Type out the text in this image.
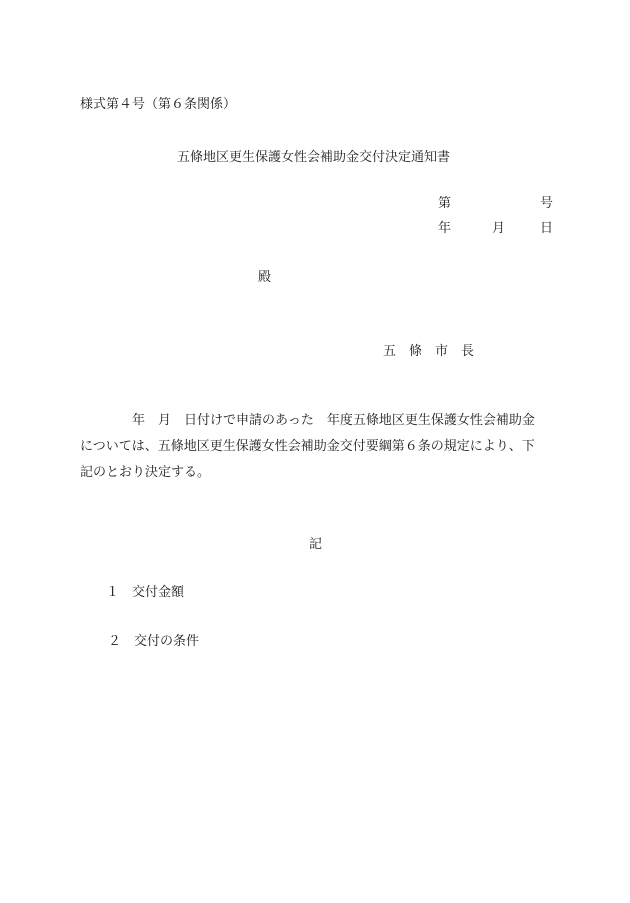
様式第４号（第６条関係）
五條地区更生保護女性会補助金交付決定通知書
第	号
年	月	日
殿
五 條 市 長
　　　　年　月　日付けで申請のあった　年度五條地区更生保護女性会補助金
については、五條地区更生保護女性会補助金交付要綱第６条の規定により、下
記のとおり決定する。
記
１　交付金額
２　交付の条件
